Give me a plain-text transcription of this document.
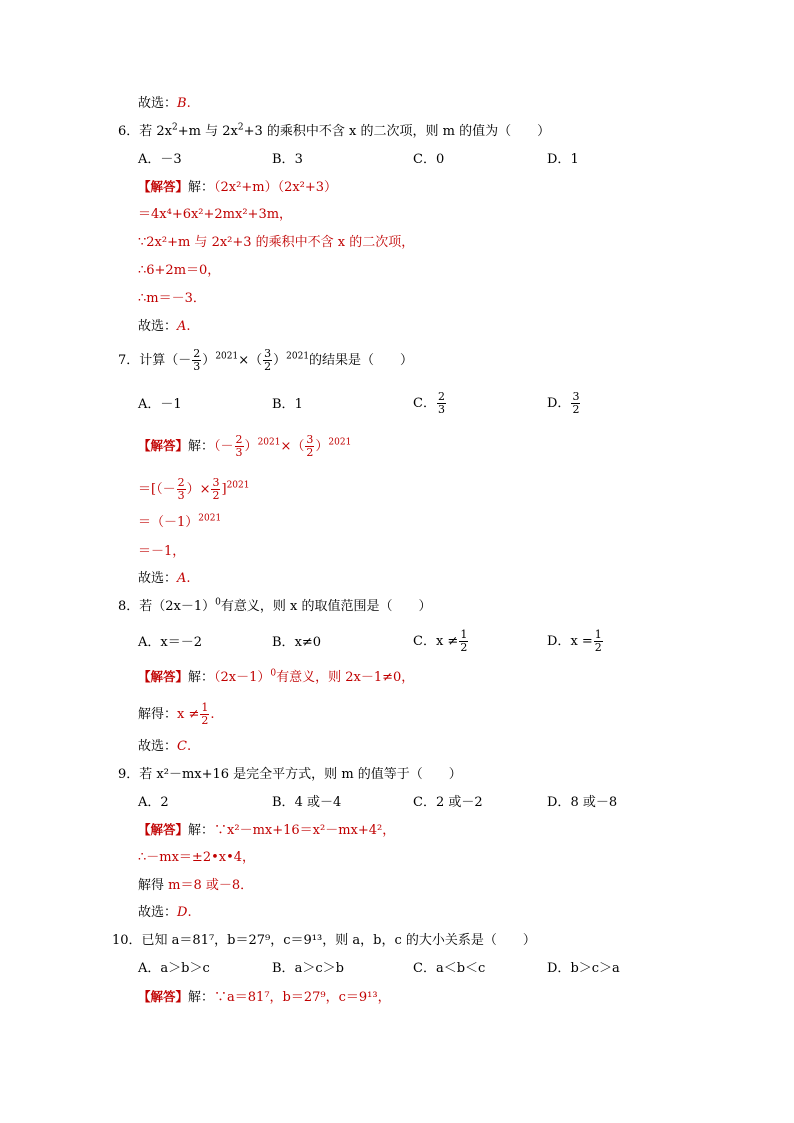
故选：B.
6．若 $2x^2+m$ 与 $2x^2+3$ 的乘积中不含 x 的二次项，则 m 的值为（　　）
A．－3	B．3	C．0	D．1
【解答】解：（2x²+m）（2x²+3）
＝4x⁴+6x²+2mx²+3m，
∵2x²+m 与 2x²+3 的乘积中不含 x 的二次项，
∴6+2m＝0，
∴m＝－3．
故选：A.
7．计算（－ $\frac{2}{3} )^{2021}\times( \frac{3}{2} )^{2021}$的结果是（　　）
A．－1	B．1	C． $\frac{2}{3}$	D． $\frac{3}{2}$
【解答】解：（－ $\frac{2}{3} )^{2021}\times( \frac{3}{2} )^{2021}$
＝[（－ $\frac{2}{3}$ ）× $\frac{3}{2} ]^{2021}$
$=(-1)^{2021}$
＝－1，
故选：A.
8．若$(2x-1)^0$有意义，则 x 的取值范围是（　　）
A．x＝－2	B．x≠0	C．$x \ne \frac{1}{2}$	D．$x = \frac{1}{2}$
【解答】解：$(2x-1)^0$有意义，则 2x－1≠0，
解得：$x \ne \frac{1}{2}$ .
故选：C.
9．若 x²－mx+16 是完全平方式，则 m 的值等于（　　）
A．2	B．4 或－4	C．2 或－2	D．8 或－8
【解答】解：∵x²－mx+16＝x²－mx+4²，
∴－mx＝±2•x•4，
解得 m＝8 或－8．
故选：D.
10．已知 a＝81⁷，b＝27⁹，c＝9¹³，则 a，b，c 的大小关系是（　　）
A．a＞b＞c	B．a＞c＞b	C．a＜b＜c	D．b＞c＞a
【解答】解：∵a＝81⁷，b＝27⁹，c＝9¹³，
